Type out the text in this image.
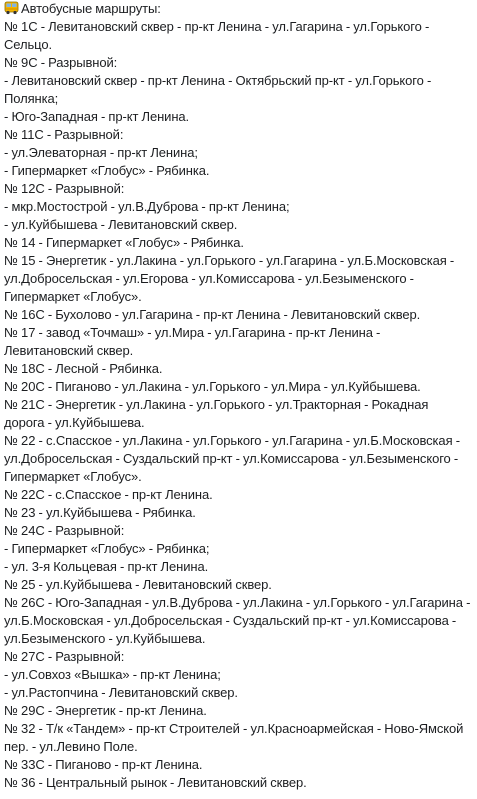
Автобусные маршруты:
№ 1С - Левитановский сквер - пр-кт Ленина - ул.Гагарина - ул.Горького -
Сельцо.
№ 9С - Разрывной:
- Левитановский сквер - пр-кт Ленина - Октябрьский пр-кт - ул.Горького -
Полянка;
- Юго-Западная - пр-кт Ленина.
№ 11С - Разрывной:
- ул.Элеваторная - пр-кт Ленина;
- Гипермаркет «Глобус» - Рябинка.
№ 12С - Разрывной:
- мкр.Мостострой - ул.В.Дуброва - пр-кт Ленина;
- ул.Куйбышева - Левитановский сквер.
№ 14 - Гипермаркет «Глобус» - Рябинка.
№ 15 - Энергетик - ул.Лакина - ул.Горького - ул.Гагарина - ул.Б.Московская -
ул.Добросельская - ул.Егорова - ул.Комиссарова - ул.Безыменского -
Гипермаркет «Глобус».
№ 16С - Бухолово - ул.Гагарина - пр-кт Ленина - Левитановский сквер.
№ 17 - завод «Точмаш» - ул.Мира - ул.Гагарина - пр-кт Ленина -
Левитановский сквер.
№ 18С - Лесной - Рябинка.
№ 20С - Пиганово - ул.Лакина - ул.Горького - ул.Мира - ул.Куйбышева.
№ 21С - Энергетик - ул.Лакина - ул.Горького - ул.Тракторная - Рокадная
дорога - ул.Куйбышева.
№ 22 - с.Спасское - ул.Лакина - ул.Горького - ул.Гагарина - ул.Б.Московская -
ул.Добросельская - Суздальский пр-кт - ул.Комиссарова - ул.Безыменского -
Гипермаркет «Глобус».
№ 22С - с.Спасское - пр-кт Ленина.
№ 23 - ул.Куйбышева - Рябинка.
№ 24С - Разрывной:
- Гипермаркет «Глобус» - Рябинка;
- ул. 3-я Кольцевая - пр-кт Ленина.
№ 25 - ул.Куйбышева - Левитановский сквер.
№ 26С - Юго-Западная - ул.В.Дуброва - ул.Лакина - ул.Горького - ул.Гагарина -
ул.Б.Московская - ул.Добросельская - Суздальский пр-кт - ул.Комиссарова -
ул.Безыменского - ул.Куйбышева.
№ 27С - Разрывной:
- ул.Совхоз «Вышка» - пр-кт Ленина;
- ул.Растопчина - Левитановский сквер.
№ 29С - Энергетик - пр-кт Ленина.
№ 32 - Т/к «Тандем» - пр-кт Строителей - ул.Красноармейская - Ново-Ямской
пер. - ул.Левино Поле.
№ 33С - Пиганово - пр-кт Ленина.
№ 36 - Центральный рынок - Левитановский сквер.
